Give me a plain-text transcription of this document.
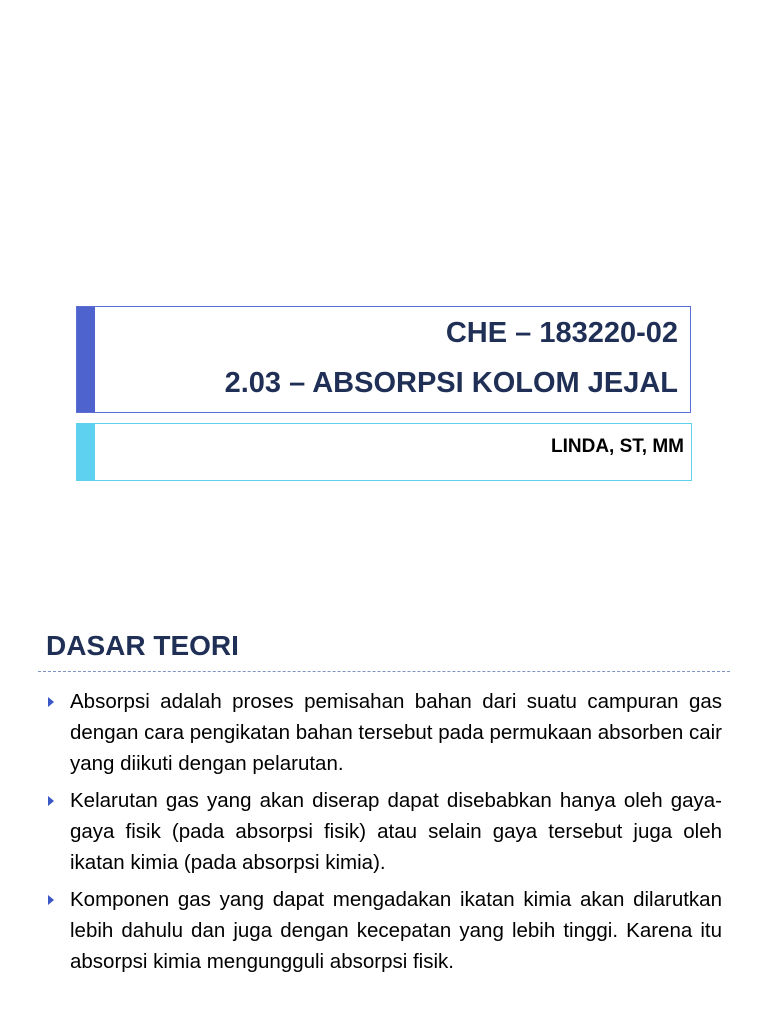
CHE – 183220-02
2.03 – ABSORPSI KOLOM JEJAL
LINDA, ST, MM
DASAR TEORI
Absorpsi adalah proses pemisahan bahan dari suatu campuran gas dengan cara pengikatan bahan tersebut pada permukaan absorben cair yang diikuti dengan pelarutan.
Kelarutan gas yang akan diserap dapat disebabkan hanya oleh gaya-gaya fisik (pada absorpsi fisik) atau selain gaya tersebut juga oleh ikatan kimia (pada absorpsi kimia).
Komponen gas yang dapat mengadakan ikatan kimia akan dilarutkan lebih dahulu dan juga dengan kecepatan yang lebih tinggi. Karena itu absorpsi kimia mengungguli absorpsi fisik.
